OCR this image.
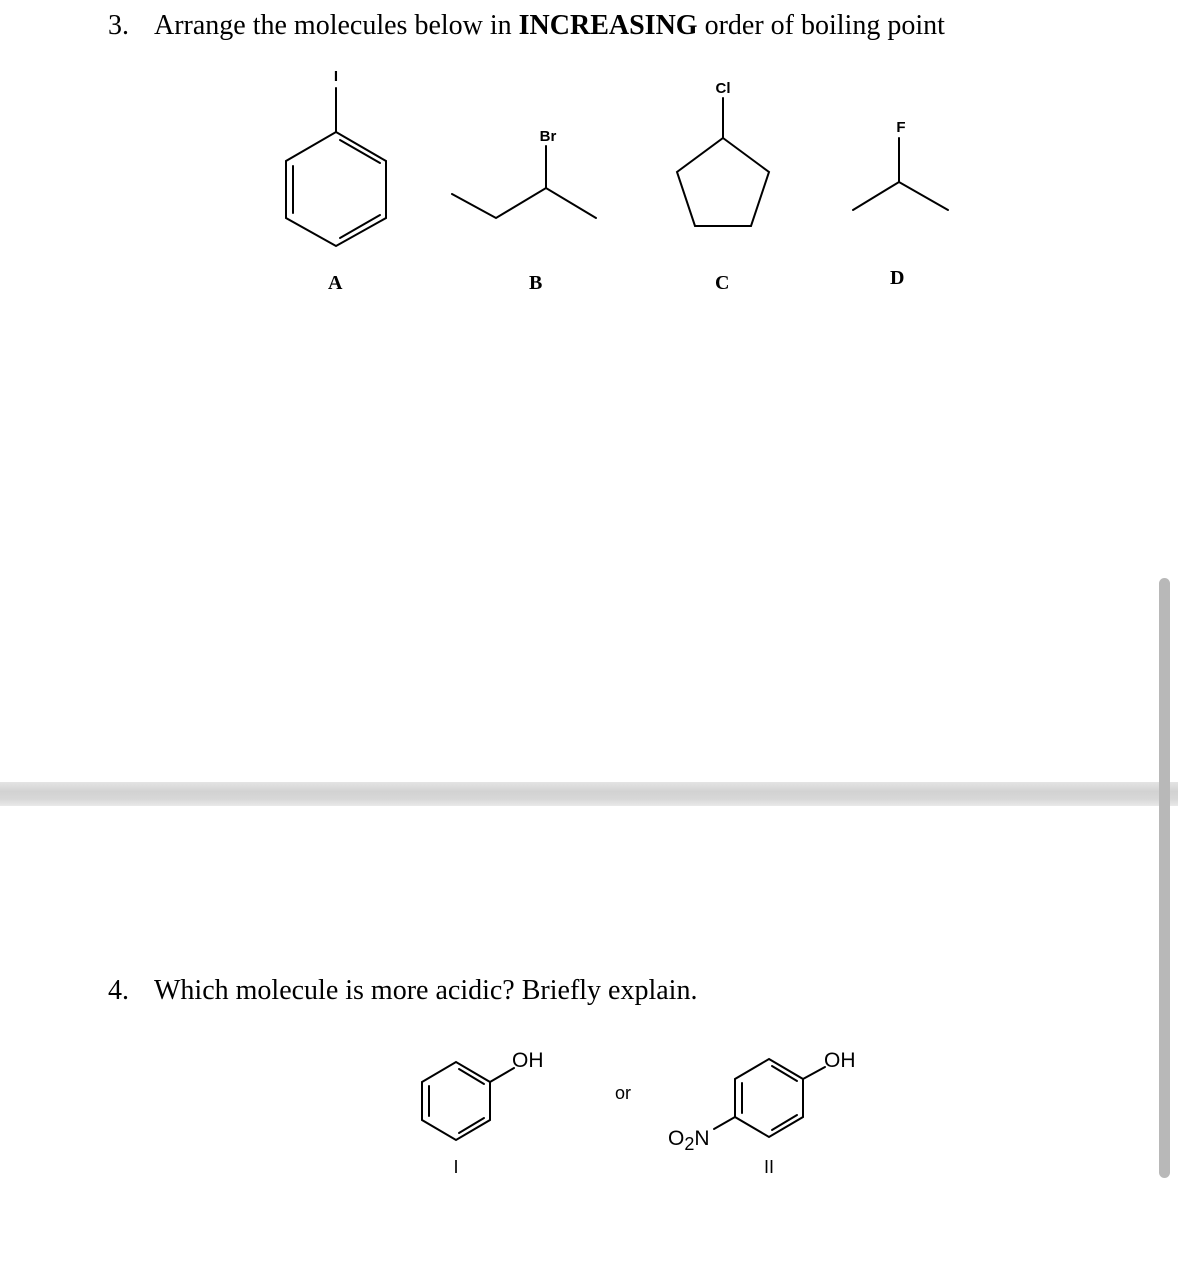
3. Arrange the molecules below in INCREASING order of boiling point
I
Br
Cl
F
OH
I
or
OH
O2N
II
A	B	C	D
4. Which molecule is more acidic? Briefly explain.
